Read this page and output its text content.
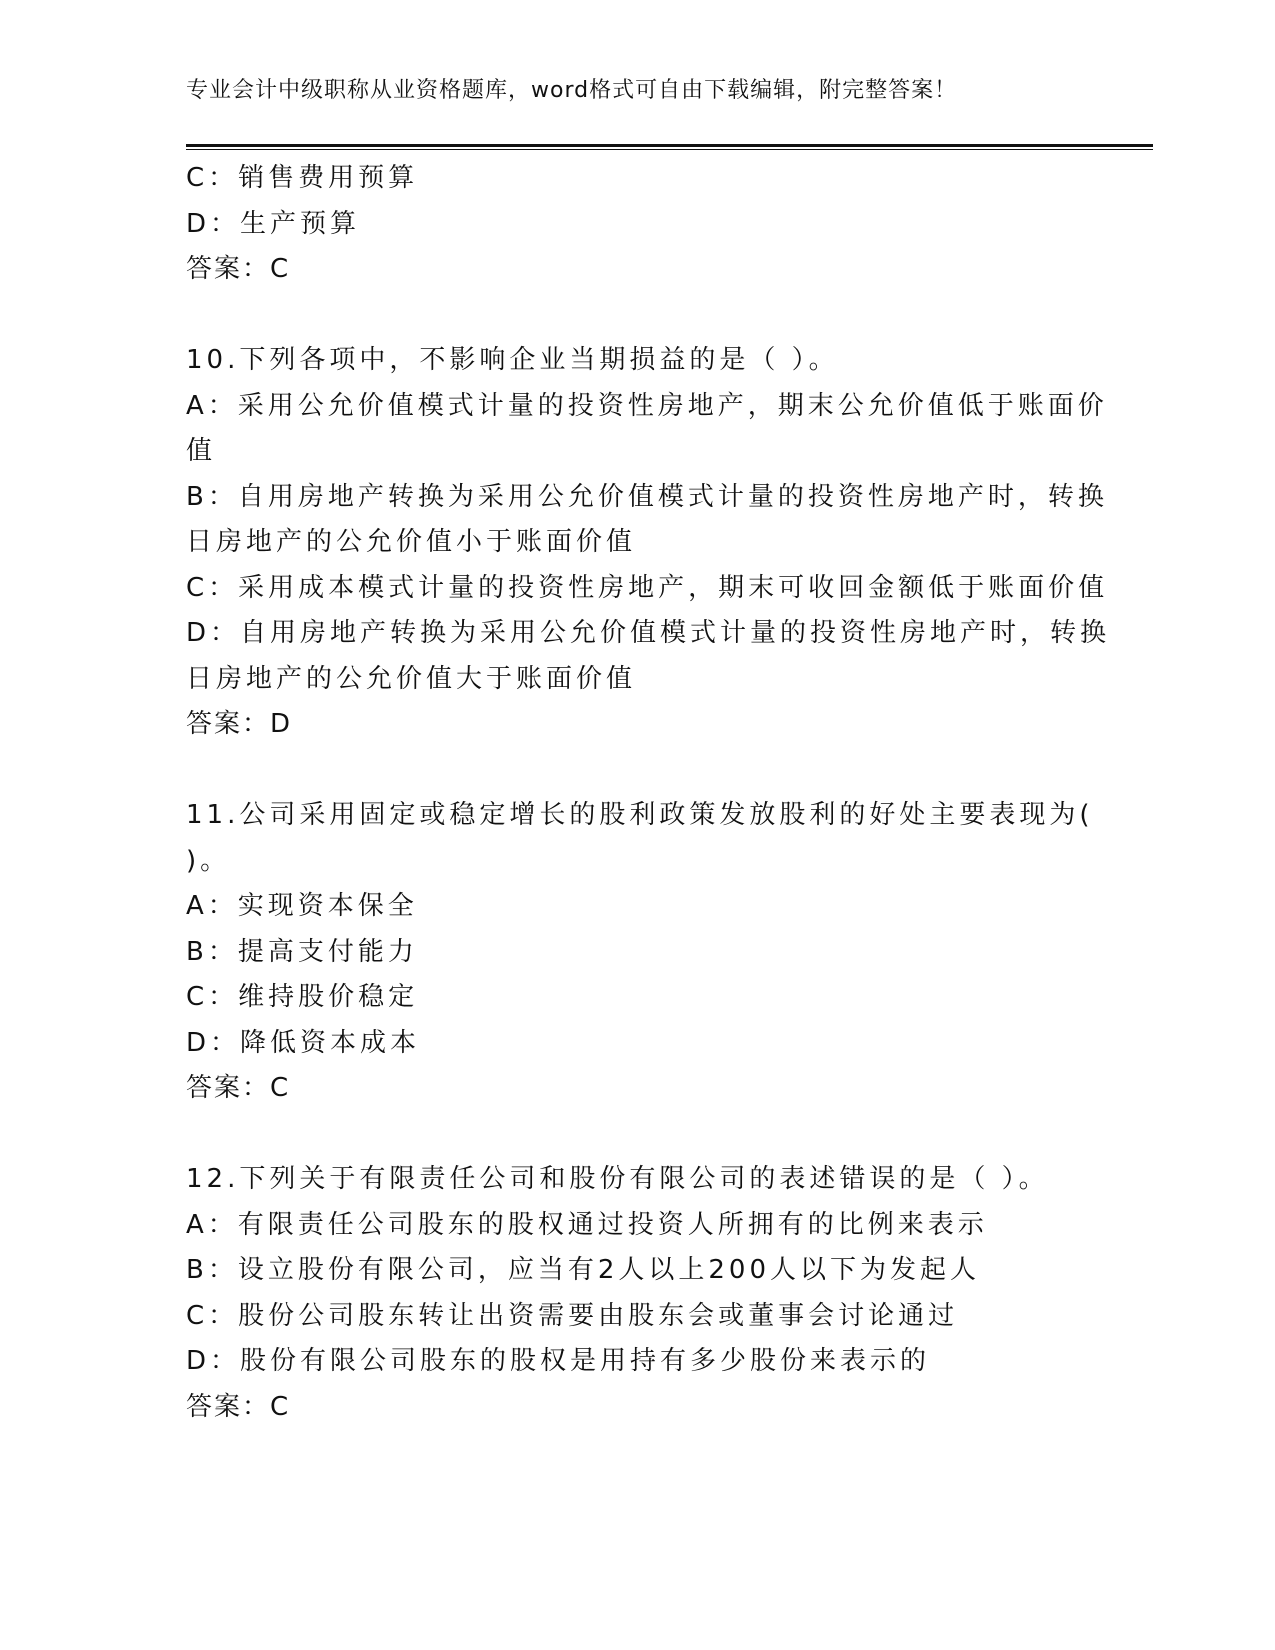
专业会计中级职称从业资格题库，word格式可自由下载编辑，附完整答案！
C：销售费用预算
D：生产预算
答案：C
10.下列各项中，不影响企业当期损益的是（ ）。
A：采用公允价值模式计量的投资性房地产，期末公允价值低于账面价
值
B：自用房地产转换为采用公允价值模式计量的投资性房地产时，转换
日房地产的公允价值小于账面价值
C：采用成本模式计量的投资性房地产，期末可收回金额低于账面价值
D：自用房地产转换为采用公允价值模式计量的投资性房地产时，转换
日房地产的公允价值大于账面价值
答案：D
11.公司采用固定或稳定增长的股利政策发放股利的好处主要表现为(
)。
A：实现资本保全
B：提高支付能力
C：维持股价稳定
D：降低资本成本
答案：C
12.下列关于有限责任公司和股份有限公司的表述错误的是（ ）。
A：有限责任公司股东的股权通过投资人所拥有的比例来表示
B：设立股份有限公司，应当有2人以上200人以下为发起人
C：股份公司股东转让出资需要由股东会或董事会讨论通过
D：股份有限公司股东的股权是用持有多少股份来表示的
答案：C
